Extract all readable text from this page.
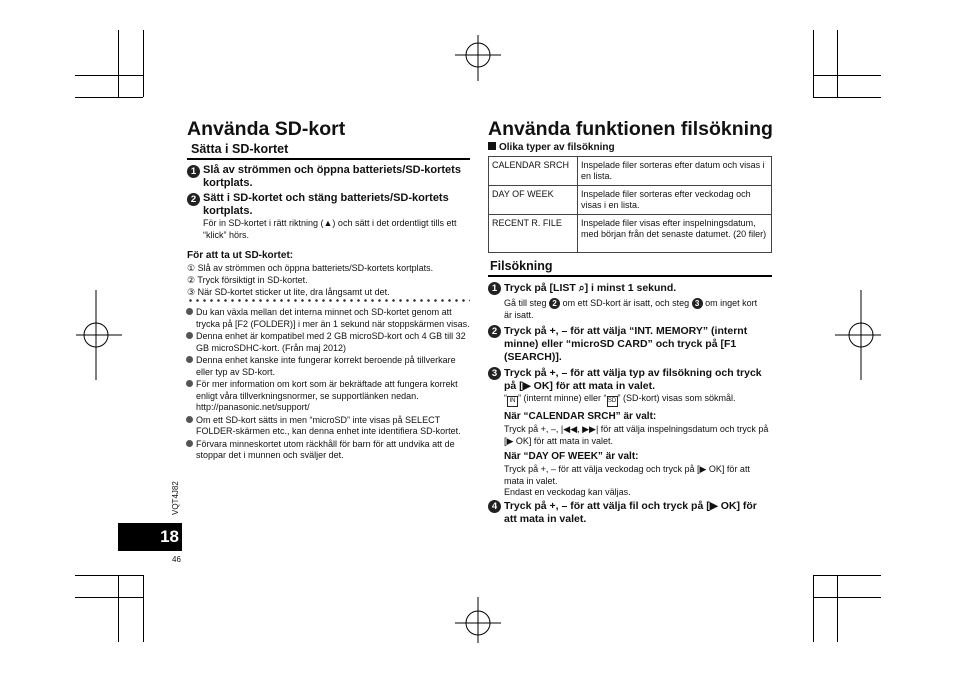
Använda SD-kort
Sätta i SD-kortet
1 Slå av strömmen och öppna batteriets/SD-kortets kortplats.
2 Sätt i SD-kortet och stäng batteriets/SD-kortets kortplats.
För in SD-kortet i rätt riktning (▲) och sätt i det ordentligt tills ett “klick” hörs.
För att ta ut SD-kortet:
① Slå av strömmen och öppna batteriets/SD-kortets kortplats.
② Tryck försiktigt in SD-kortet.
③ När SD-kortet sticker ut lite, dra långsamt ut det.
Du kan växla mellan det interna minnet och SD-kortet genom att trycka på [F2 (FOLDER)] i mer än 1 sekund när stoppskärmen visas.
Denna enhet är kompatibel med 2 GB microSD-kort och 4 GB till 32 GB microSDHC-kort. (Från maj 2012)
Denna enhet kanske inte fungerar korrekt beroende på tillverkare eller typ av SD-kort.
För mer information om kort som är bekräftade att fungera korrekt enligt våra tillverkningsnormer, se supportlänken nedan. http://panasonic.net/support/
Om ett SD-kort sätts in men “microSD” inte visas på SELECT FOLDER-skärmen etc., kan denna enhet inte identifiera SD-kortet.
Förvara minneskortet utom räckhåll för barn för att undvika att de stoppar det i munnen och sväljer det.
VQT4J82
18
46
Använda funktionen filsökning
Olika typer av filsökning
CALENDAR SRCH	Inspelade filer sorteras efter datum och visas i en lista.
DAY OF WEEK	Inspelade filer sorteras efter veckodag och visas i en lista.
RECENT R. FILE	Inspelade filer visas efter inspelningsdatum, med början från det senaste datumet. (20 filer)
Filsökning
1 Tryck på [LIST ⌕] i minst 1 sekund.
Gå till steg 2 om ett SD-kort är isatt, och steg 3 om inget kort är isatt.
2 Tryck på +, – för att välja “INT. MEMORY” (internt minne) eller “microSD CARD” och tryck på [F1 (SEARCH)].
3 Tryck på +, – för att välja typ av filsökning och tryck på [▶ OK] för att mata in valet.
“ IN ” (internt minne) eller “SD” (SD-kort) visas som sökmål.
När “CALENDAR SRCH” är valt:
Tryck på +, –, |◀◀, ▶▶| för att välja inspelningsdatum och tryck på [▶ OK] för att mata in valet.
När “DAY OF WEEK” är valt:
Tryck på +, – för att välja veckodag och tryck på [▶ OK] för att mata in valet.
Endast en veckodag kan väljas.
4 Tryck på +, – för att välja fil och tryck på [▶ OK] för att mata in valet.
